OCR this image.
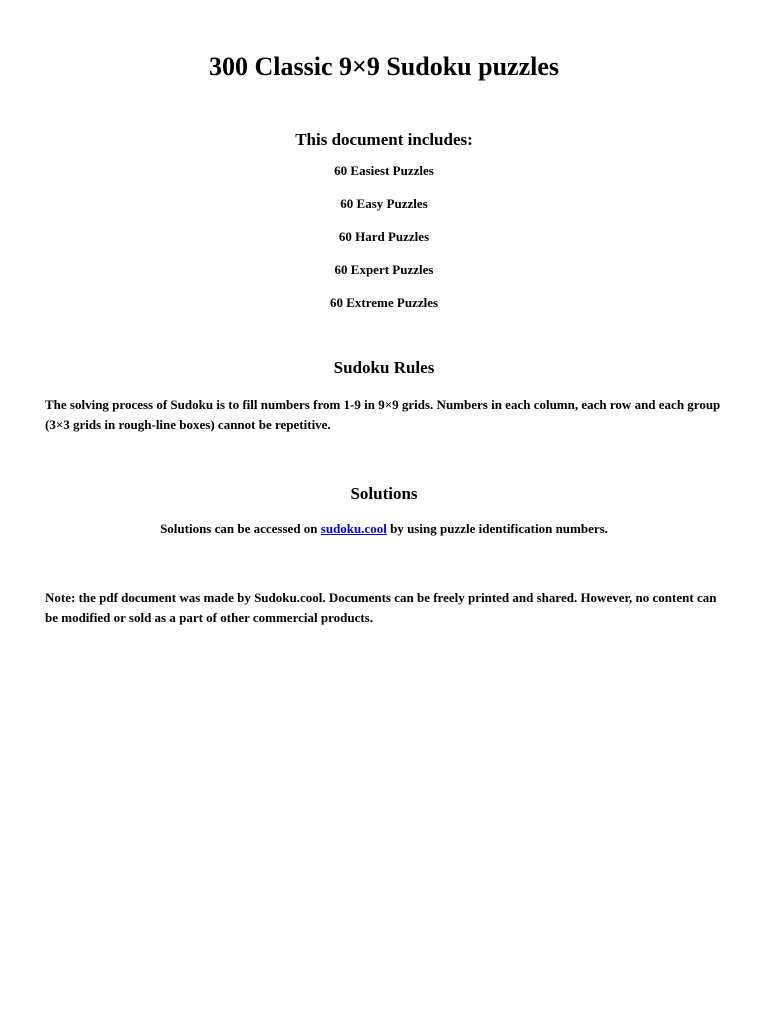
300 Classic 9×9 Sudoku puzzles
This document includes:
60 Easiest Puzzles
60 Easy Puzzles
60 Hard Puzzles
60 Expert Puzzles
60 Extreme Puzzles
Sudoku Rules

The solving process of Sudoku is to fill numbers from 1-9 in 9×9 grids. Numbers in each column, each row and each group (3×3 grids in rough-line boxes) cannot be repetitive.

Solutions

Solutions can be accessed on sudoku.cool by using puzzle identification numbers.

Note: the pdf document was made by Sudoku.cool. Documents can be freely printed and shared. However, no content can be modified or sold as a part of other commercial products.
